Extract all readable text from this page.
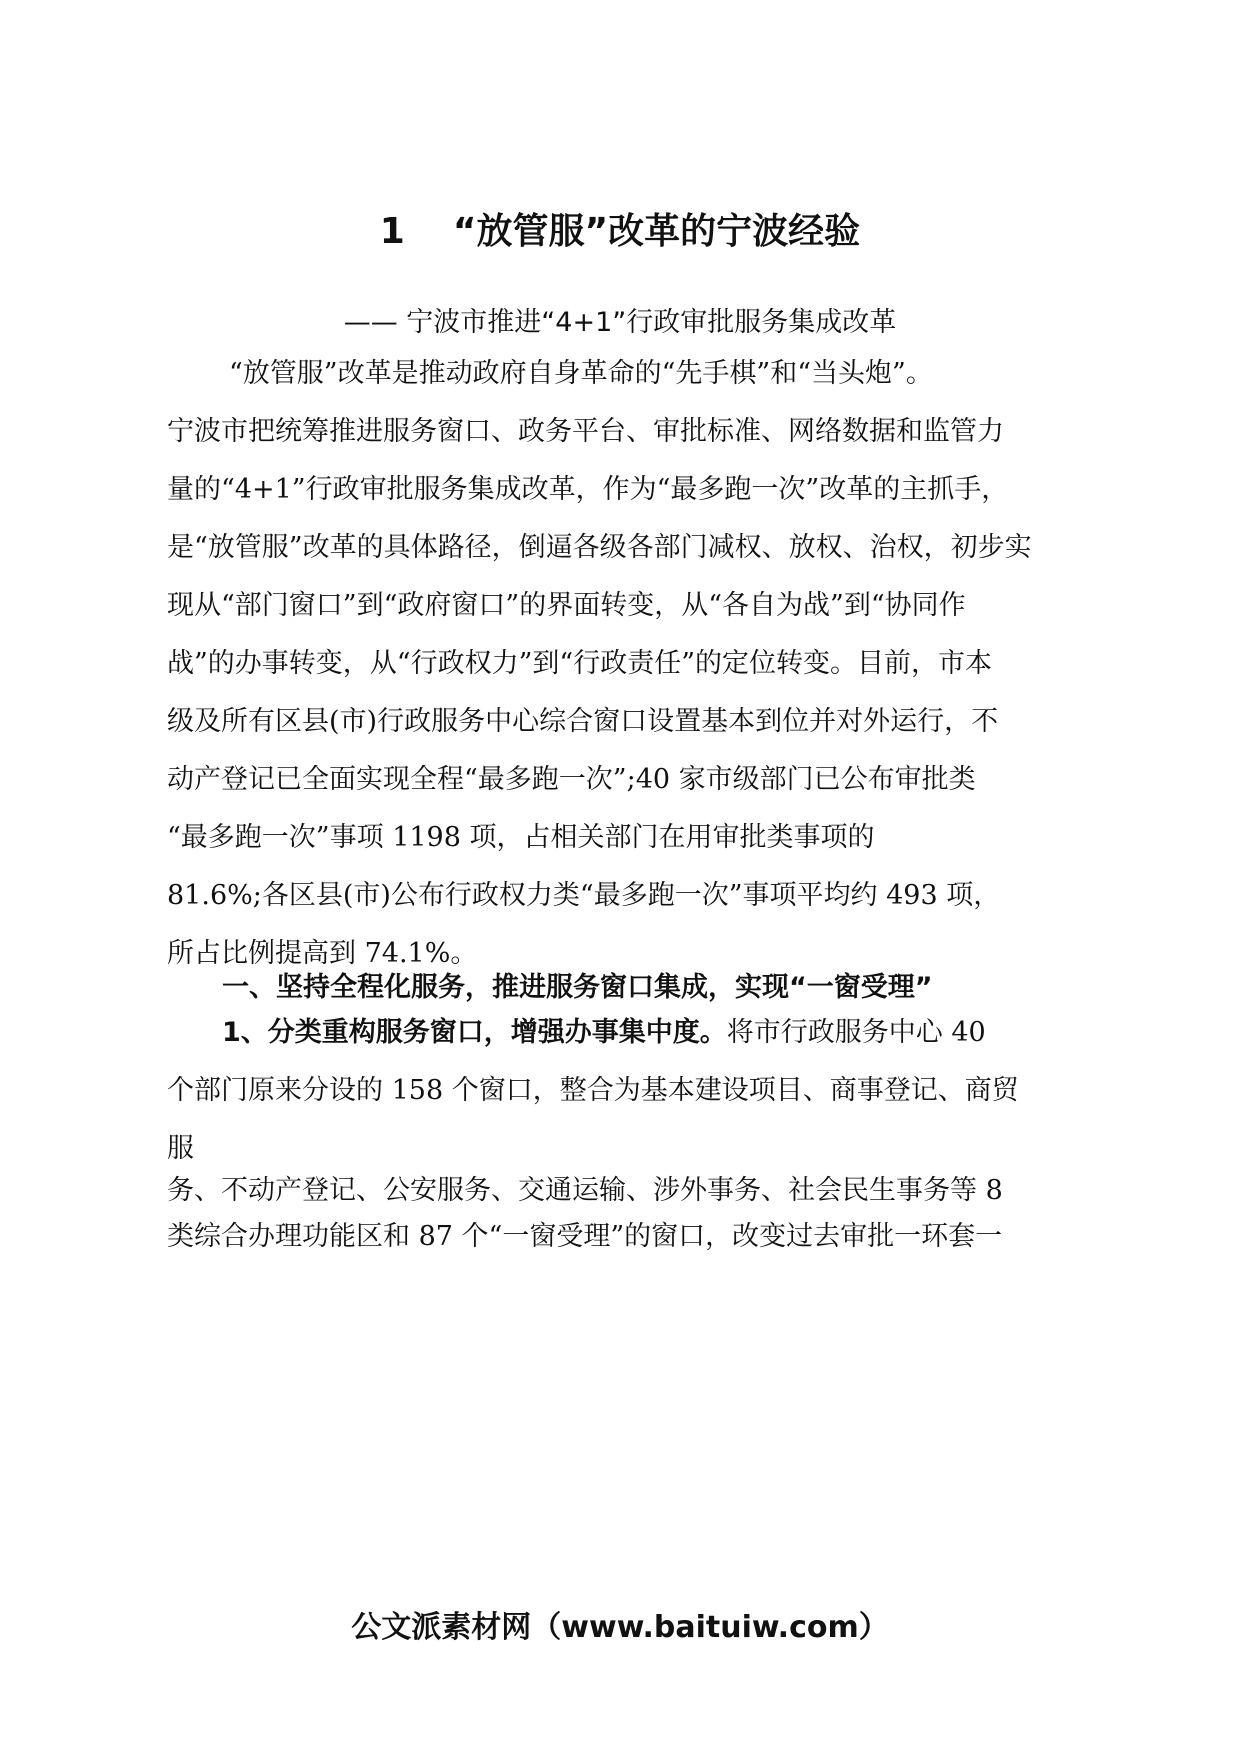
1 “放管服”改革的宁波经验
—— 宁波市推进“4+1”行政审批服务集成改革
“放管服”改革是推动政府自身革命的“先手棋”和“当头炮”。
宁波市把统筹推进服务窗口、政务平台、审批标准、网络数据和监管力
量的“4+1”行政审批服务集成改革，作为“最多跑一次”改革的主抓手，
是“放管服”改革的具体路径，倒逼各级各部门减权、放权、治权，初步实
现从“部门窗口”到“政府窗口”的界面转变，从“各自为战”到“协同作
战”的办事转变，从“行政权力”到“行政责任”的定位转变。目前，市本
级及所有区县(市)行政服务中心综合窗口设置基本到位并对外运行，不
动产登记已全面实现全程“最多跑一次”;40 家市级部门已公布审批类
“最多跑一次”事项 1198 项，占相关部门在用审批类事项的
81.6%;各区县(市)公布行政权力类“最多跑一次”事项平均约 493 项，
所占比例提高到 74.1%。
一、坚持全程化服务，推进服务窗口集成，实现“一窗受理”
1、分类重构服务窗口，增强办事集中度。将市行政服务中心 40
个部门原来分设的 158 个窗口，整合为基本建设项目、商事登记、商贸
服
务、不动产登记、公安服务、交通运输、涉外事务、社会民生事务等 8
类综合办理功能区和 87 个“一窗受理”的窗口，改变过去审批一环套一
公文派素材网（www.baituiw.com）
